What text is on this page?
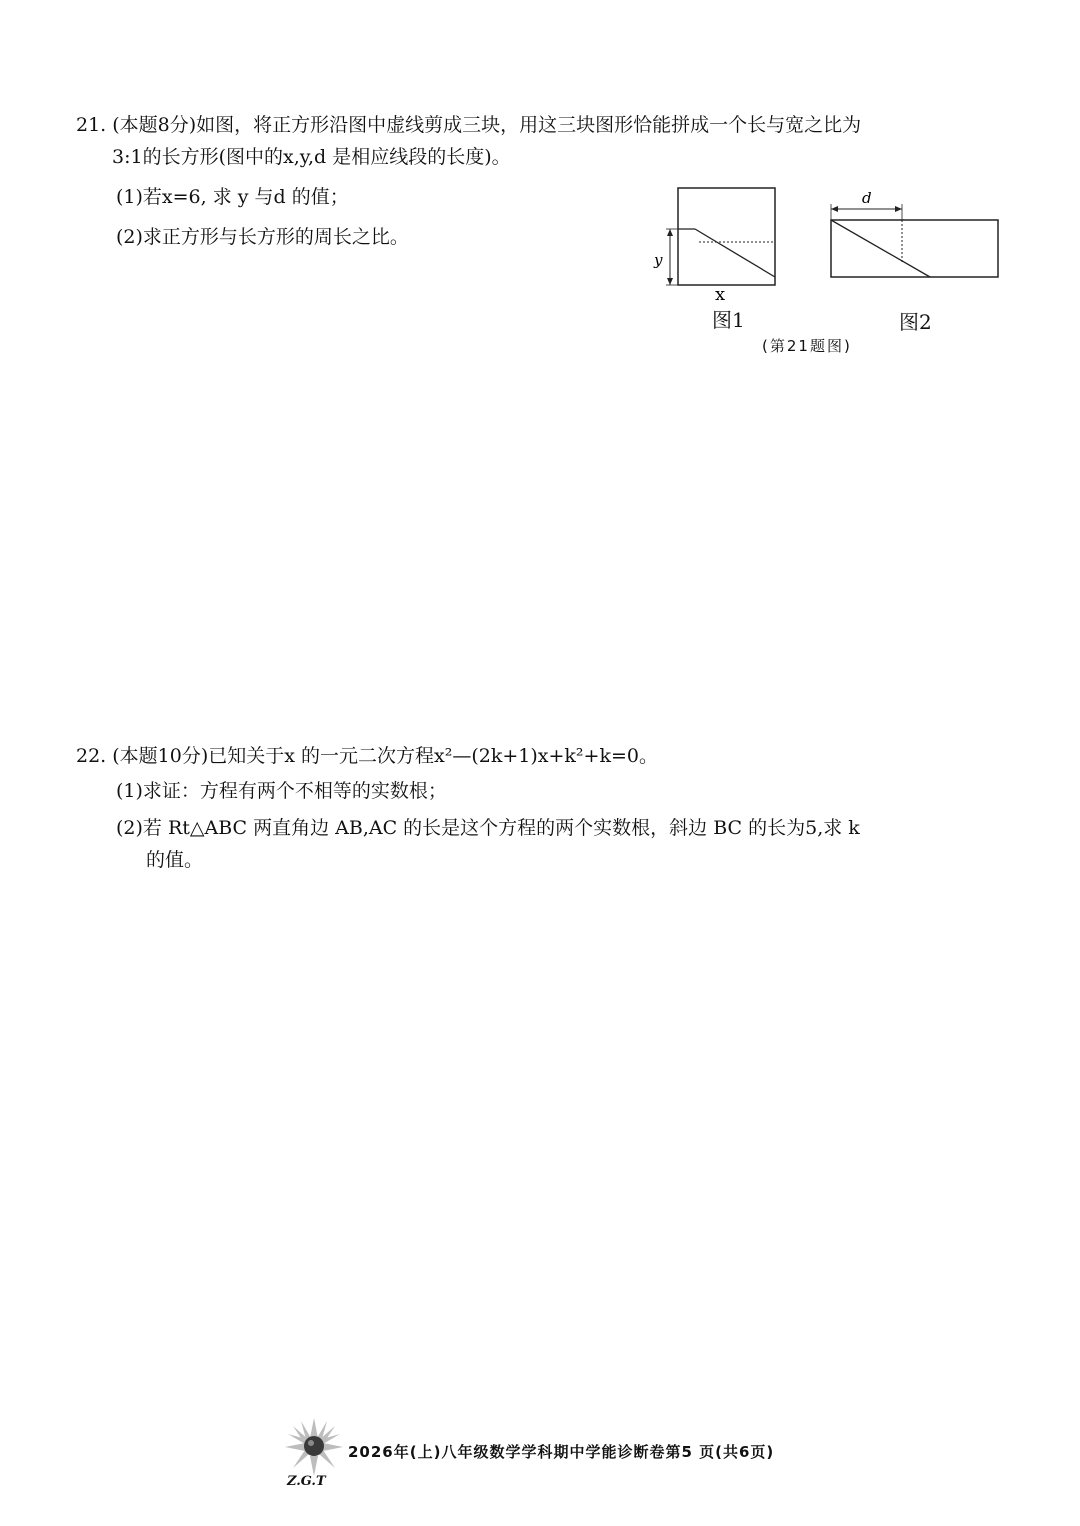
21. (本题8分)如图，将正方形沿图中虚线剪成三块，用这三块图形恰能拼成一个长与宽之比为
3:1的长方形(图中的x,y,d 是相应线段的长度)。
(1)若x=6, 求 y 与d 的值；
(2)求正方形与长方形的周长之比。
y
x
d
图1	图2
(第21题图)
22. (本题10分)已知关于x 的一元二次方程x²—(2k+1)x+k²+k=0。
(1)求证：方程有两个不相等的实数根；
(2)若 Rt△ABC 两直角边 AB,AC 的长是这个方程的两个实数根，斜边 BC 的长为5,求 k
的值。
Z.G.T
2026年(上)八年级数学学科期中学能诊断卷第5 页(共6页)
